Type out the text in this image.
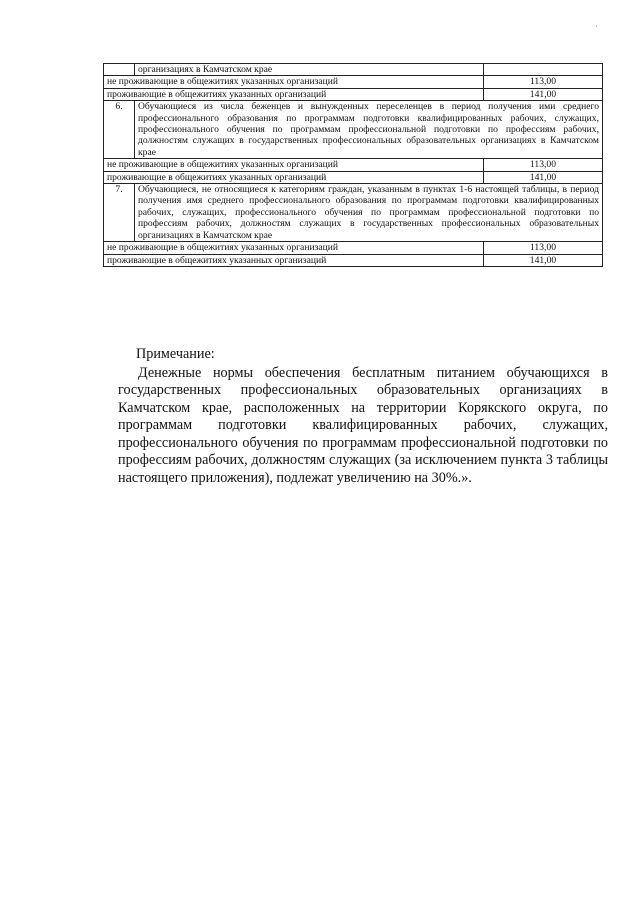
·
	организациях в Камчатском крае	
не проживающие в общежитиях указанных организаций		113,00
проживающие в общежитиях указанных организаций		141,00
6.	Обучающиеся из числа беженцев и вынужденных переселенцев в период получения ими среднего профессионального образования по программам подготовки квалифицированных рабочих, служащих, профессионального обучения по программам профессиональной подготовки по профессиям рабочих, должностям служащих в государственных профессиональных образовательных организациях в Камчатском крае	
не проживающие в общежитиях указанных организаций		113,00
проживающие в общежитиях указанных организаций		141,00
7.	Обучающиеся, не относящиеся к категориям граждан, указанным в пунктах 1-6 настоящей таблицы, в период получения имя среднего профессионального образования по программам подготовки квалифицированных рабочих, служащих, профессионального обучения по программам профессиональной подготовки по профессиям рабочих, должностям служащих в государственных профессиональных образовательных организациях в Камчатском крае	
не проживающие в общежитиях указанных организаций		113,00
проживающие в общежитиях указанных организаций		141,00
Примечание:

Денежные нормы обеспечения бесплатным питанием обучающихся в государственных профессиональных образовательных организациях в Камчатском крае, расположенных на территории Корякского округа, по программам подготовки квалифицированных рабочих, служащих, профессионального обучения по программам профессиональной подготовки по профессиям рабочих, должностям служащих (за исключением пункта 3 таблицы настоящего приложения), подлежат увеличению на 30%.».
